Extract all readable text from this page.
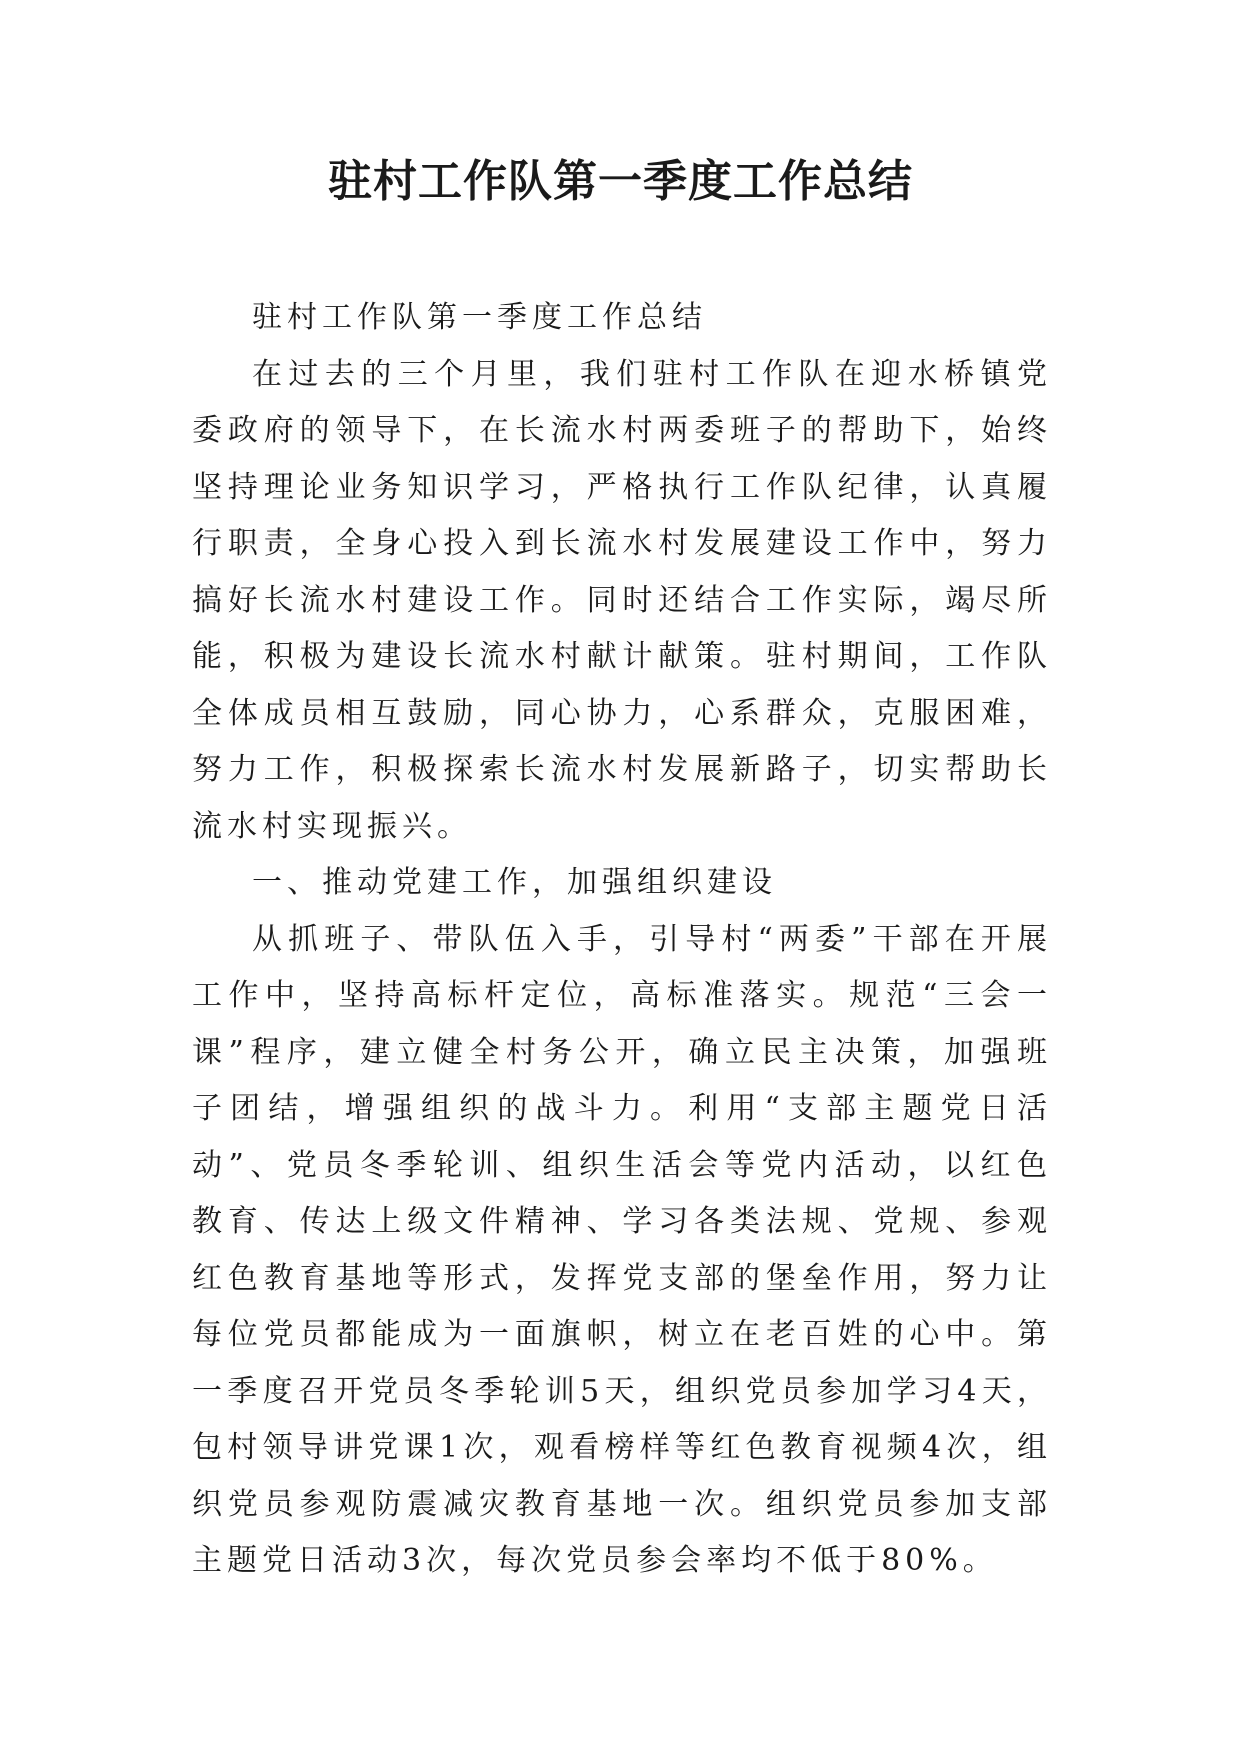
驻村工作队第一季度工作总结

驻村工作队第一季度工作总结

在过去的三个月里，我们驻村工作队在迎水桥镇党委政府的领导下，在长流水村两委班子的帮助下，始终坚持理论业务知识学习，严格执行工作队纪律，认真履行职责，全身心投入到长流水村发展建设工作中，努力搞好长流水村建设工作。同时还结合工作实际，竭尽所能，积极为建设长流水村献计献策。驻村期间，工作队全体成员相互鼓励，同心协力，心系群众，克服困难，努力工作，积极探索长流水村发展新路子，切实帮助长流水村实现振兴。

一、推动党建工作，加强组织建设

从抓班子、带队伍入手，引导村“两委”干部在开展工作中，坚持高标杆定位，高标准落实。规范“三会一课”程序，建立健全村务公开，确立民主决策，加强班子团结，增强组织的战斗力。利用“支部主题党日活动”、党员冬季轮训、组织生活会等党内活动，以红色教育、传达上级文件精神、学习各类法规、党规、参观红色教育基地等形式，发挥党支部的堡垒作用，努力让每位党员都能成为一面旗帜，树立在老百姓的心中。第一季度召开党员冬季轮训5天，组织党员参加学习4天，包村领导讲党课1次，观看榜样等红色教育视频4次，组织党员参观防震减灾教育基地一次。组织党员参加支部主题党日活动3次，每次党员参会率均不低于80%。
